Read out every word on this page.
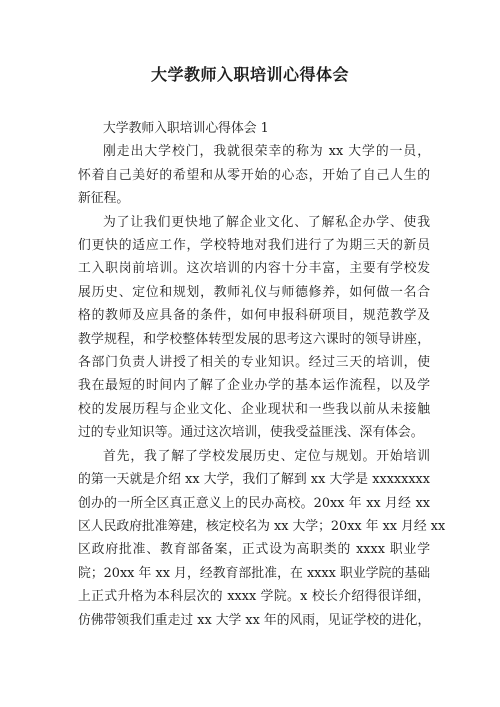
大学教师入职培训心得体会
大学教师入职培训心得体会 1
刚走出大学校门，我就很荣幸的称为 xx 大学的一员，
怀着自己美好的希望和从零开始的心态，开始了自己人生的
新征程。
为了让我们更快地了解企业文化、了解私企办学、使我
们更快的适应工作，学校特地对我们进行了为期三天的新员
工入职岗前培训。这次培训的内容十分丰富，主要有学校发
展历史、定位和规划，教师礼仪与师德修养，如何做一名合
格的教师及应具备的条件，如何申报科研项目，规范教学及
教学规程，和学校整体转型发展的思考这六课时的领导讲座，
各部门负责人讲授了相关的专业知识。经过三天的培训，使
我在最短的时间内了解了企业办学的基本运作流程，以及学
校的发展历程与企业文化、企业现状和一些我以前从未接触
过的专业知识等。通过这次培训，使我受益匪浅、深有体会。
首先，我了解了学校发展历史、定位与规划。开始培训
的第一天就是介绍 xx 大学，我们了解到 xx 大学是 xxxxxxxx
创办的一所全区真正意义上的民办高校。20xx 年 xx 月经 xx
区人民政府批准筹建，核定校名为 xx 大学；20xx 年 xx 月经 xx
区政府批准、教育部备案，正式设为高职类的 xxxx 职业学
院；20xx 年 xx 月，经教育部批准，在 xxxx 职业学院的基础
上正式升格为本科层次的 xxxx 学院。x 校长介绍得很详细，
仿佛带领我们重走过 xx 大学 xx 年的风雨，见证学校的进化，
